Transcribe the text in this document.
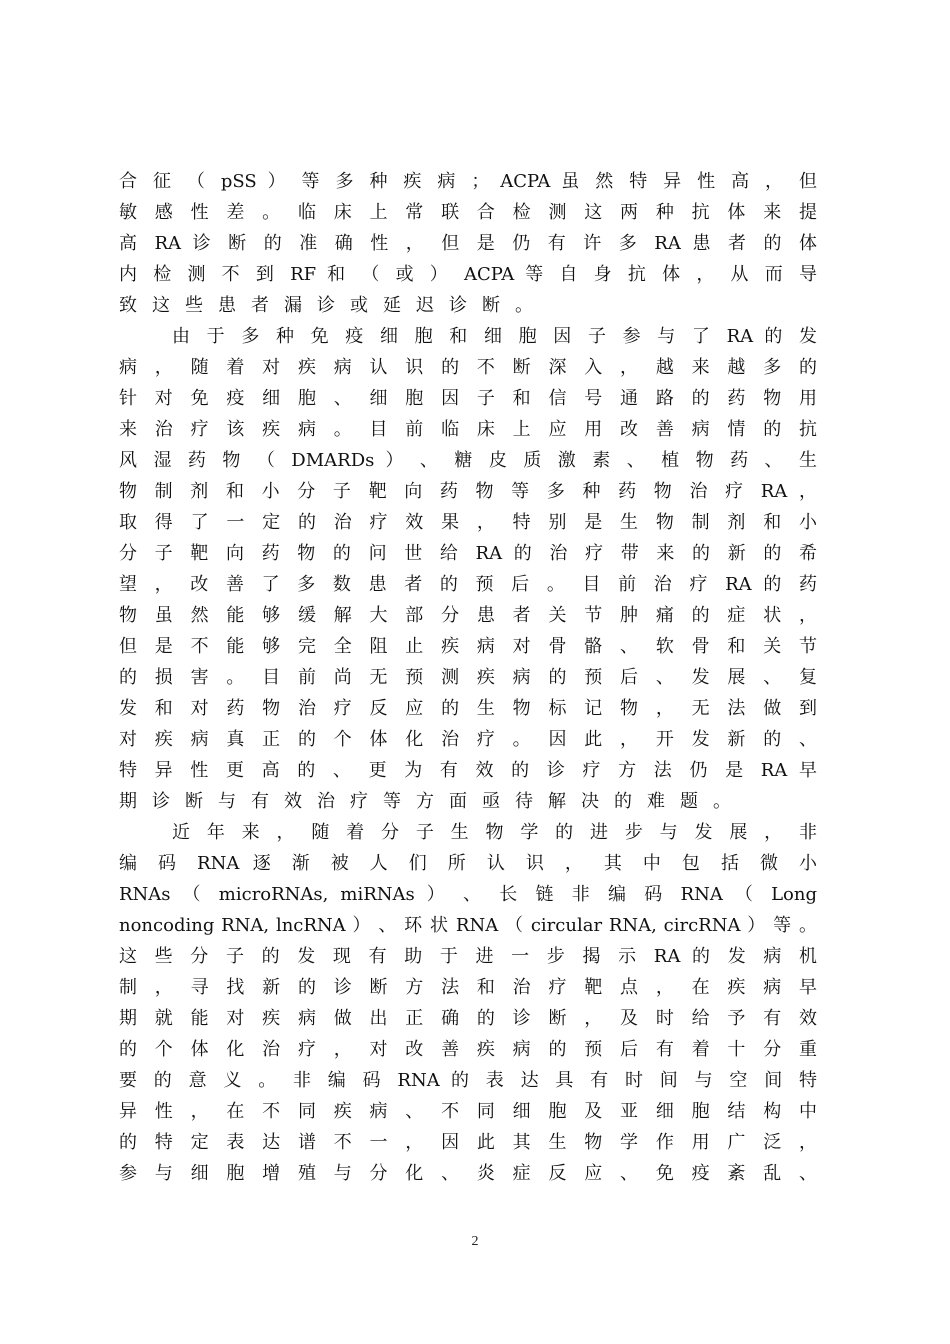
合 征 （ pSS ） 等 多 种 疾 病 ； ACPA 虽 然 特 异 性 高 ， 但
敏 感 性 差 。 临 床 上 常 联 合 检 测 这 两 种 抗 体 来 提
高 RA 诊 断 的 准 确 性 ， 但 是 仍 有 许 多 RA 患 者 的 体
内 检 测 不 到 RF 和 （ 或 ） ACPA 等 自 身 抗 体 ， 从 而 导
致这些患者漏诊或延迟诊断。
由 于 多 种 免 疫 细 胞 和 细 胞 因 子 参 与 了 RA 的 发
病 ， 随 着 对 疾 病 认 识 的 不 断 深 入 ， 越 来 越 多 的
针 对 免 疫 细 胞 、 细 胞 因 子 和 信 号 通 路 的 药 物 用
来 治 疗 该 疾 病 。 目 前 临 床 上 应 用 改 善 病 情 的 抗
风 湿 药 物 （ DMARDs ） 、 糖 皮 质 激 素 、 植 物 药 、 生
物 制 剂 和 小 分 子 靶 向 药 物 等 多 种 药 物 治 疗 RA ，
取 得 了 一 定 的 治 疗 效 果 ， 特 别 是 生 物 制 剂 和 小
分 子 靶 向 药 物 的 问 世 给 RA 的 治 疗 带 来 的 新 的 希
望 ， 改 善 了 多 数 患 者 的 预 后 。 目 前 治 疗 RA 的 药
物 虽 然 能 够 缓 解 大 部 分 患 者 关 节 肿 痛 的 症 状 ，
但 是 不 能 够 完 全 阻 止 疾 病 对 骨 骼 、 软 骨 和 关 节
的 损 害 。 目 前 尚 无 预 测 疾 病 的 预 后 、 发 展 、 复
发 和 对 药 物 治 疗 反 应 的 生 物 标 记 物 ， 无 法 做 到
对 疾 病 真 正 的 个 体 化 治 疗 。 因 此 ， 开 发 新 的 、
特 异 性 更 高 的 、 更 为 有 效 的 诊 疗 方 法 仍 是 RA 早
期诊断与有效治疗等方面亟待解决的难题。
近 年 来 ， 随 着 分 子 生 物 学 的 进 步 与 发 展 ， 非
编 码 RNA 逐 渐 被 人 们 所 认 识 ， 其 中 包 括 微 小
RNAs （ microRNAs, miRNAs ） 、 长 链 非 编 码 RNA （ Long
noncoding RNA, lncRNA ） 、 环 状 RNA （ circular RNA, circRNA ） 等 。
这 些 分 子 的 发 现 有 助 于 进 一 步 揭 示 RA 的 发 病 机
制 ， 寻 找 新 的 诊 断 方 法 和 治 疗 靶 点 ， 在 疾 病 早
期 就 能 对 疾 病 做 出 正 确 的 诊 断 ， 及 时 给 予 有 效
的 个 体 化 治 疗 ， 对 改 善 疾 病 的 预 后 有 着 十 分 重
要 的 意 义 。 非 编 码 RNA 的 表 达 具 有 时 间 与 空 间 特
异 性 ， 在 不 同 疾 病 、 不 同 细 胞 及 亚 细 胞 结 构 中
的 特 定 表 达 谱 不 一 ， 因 此 其 生 物 学 作 用 广 泛 ，
参 与 细 胞 增 殖 与 分 化 、 炎 症 反 应 、 免 疫 紊 乱 、
2
